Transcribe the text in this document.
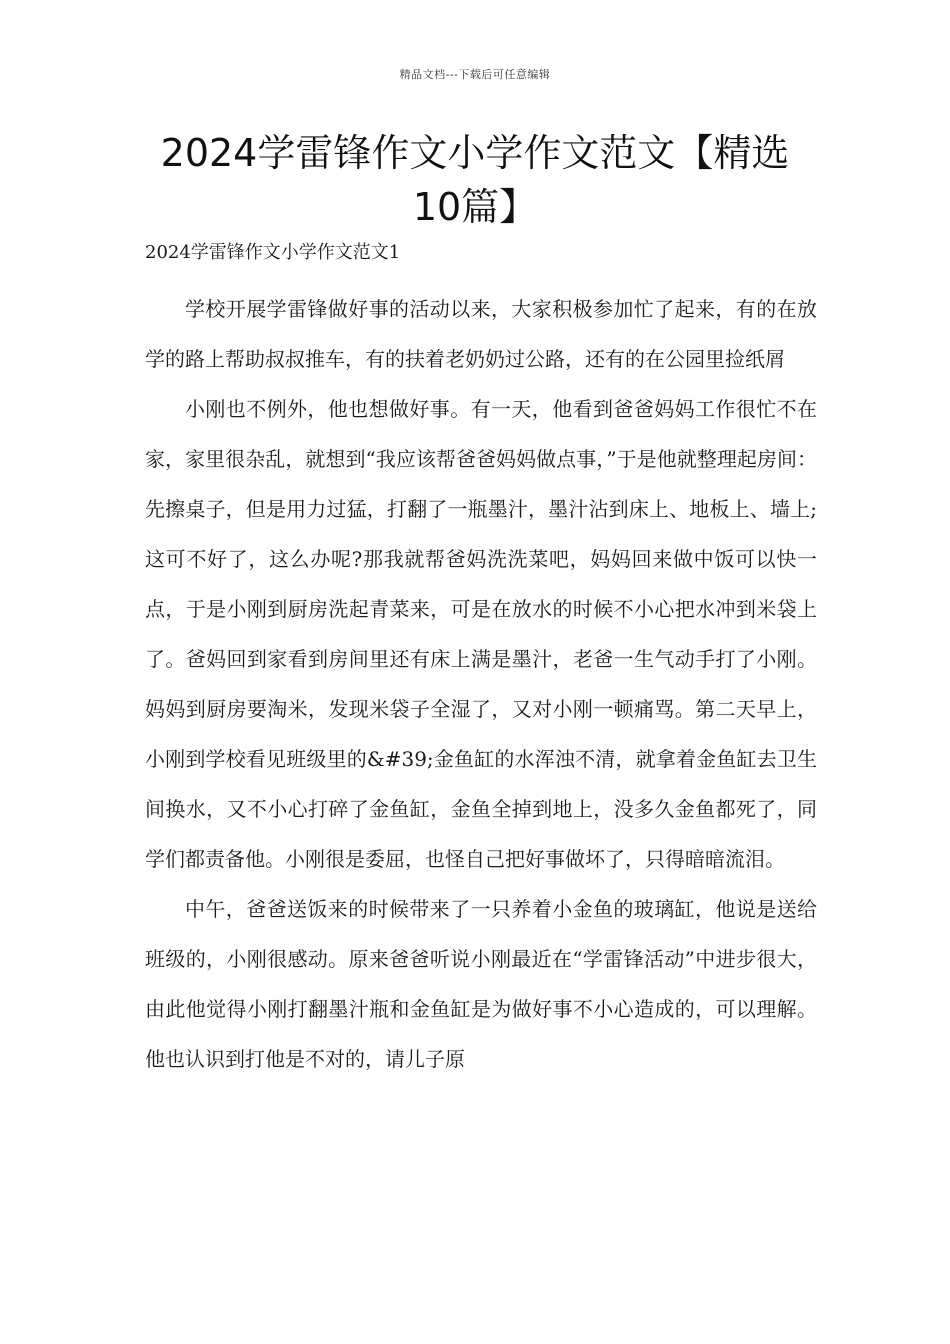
精品文档---下载后可任意编辑
2024学雷锋作文小学作文范文【精选
10篇】
2024学雷锋作文小学作文范文1

学校开展学雷锋做好事的活动以来，大家积极参加忙了起来，有的在放学的路上帮助叔叔推车，有的扶着老奶奶过公路，还有的在公园里捡纸屑

小刚也不例外，他也想做好事。有一天，他看到爸爸妈妈工作很忙不在家，家里很杂乱，就想到“我应该帮爸爸妈妈做点事，”于是他就整理起房间：先擦桌子，但是用力过猛，打翻了一瓶墨汁，墨汁沾到床上、地板上、墙上;这可不好了，这么办呢?那我就帮爸妈洗洗菜吧，妈妈回来做中饭可以快一点，于是小刚到厨房洗起青菜来，可是在放水的时候不小心把水冲到米袋上了。爸妈回到家看到房间里还有床上满是墨汁，老爸一生气动手打了小刚。妈妈到厨房要淘米，发现米袋子全湿了，又对小刚一顿痛骂。第二天早上，小刚到学校看见班级里的&#39;金鱼缸的水浑浊不清，就拿着金鱼缸去卫生间换水，又不小心打碎了金鱼缸，金鱼全掉到地上，没多久金鱼都死了，同学们都责备他。小刚很是委屈，也怪自己把好事做坏了，只得暗暗流泪。

中午，爸爸送饭来的时候带来了一只养着小金鱼的玻璃缸，他说是送给班级的，小刚很感动。原来爸爸听说小刚最近在“学雷锋活动”中进步很大，由此他觉得小刚打翻墨汁瓶和金鱼缸是为做好事不小心造成的，可以理解。他也认识到打他是不对的，请儿子原
